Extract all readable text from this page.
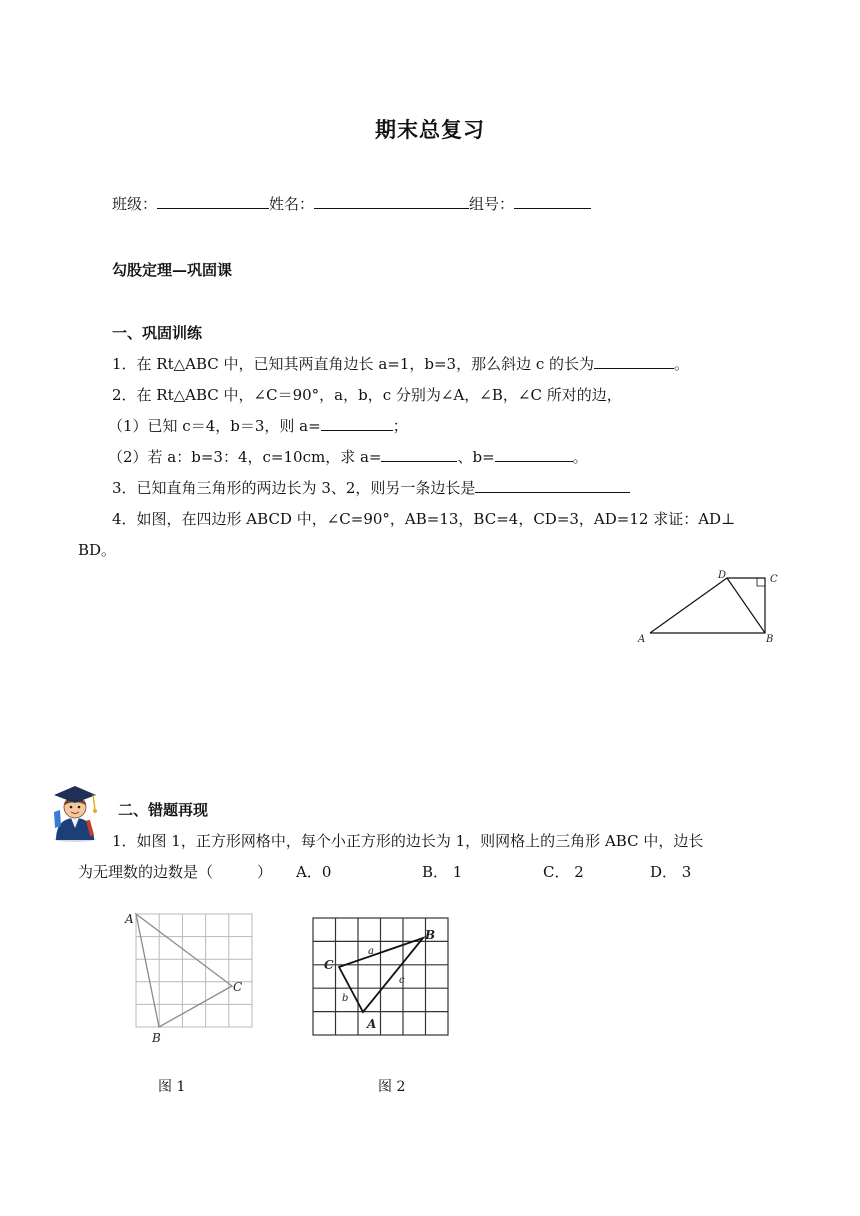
期末总复习
班级：	姓名：	组号：
勾股定理—巩固课
一、巩固训练
1．在 Rt△ABC 中，已知其两直角边长 a=1，b=3，那么斜边 c 的长为	。
2．在 Rt△ABC 中，∠C＝90°，a，b，c 分别为∠A，∠B，∠C 所对的边，
（1）已知 c＝4，b＝3，则 a=	；
（2）若 a：b=3：4，c=10cm，求 a=	、b=	。
3．已知直角三角形的两边长为 3、2，则另一条边长是
4．如图，在四边形 ABCD 中，∠C=90°，AB=13，BC=4，CD=3，AD=12 求证：AD⊥
BD。
A	B
C
D
二、错题再现
1．如图 1，正方形网格中，每个小正方形的边长为 1，则网格上的三角形 ABC 中，边长
为无理数的边数是（	） A．0	B． 1	C． 2	D． 3
A
C
B
C
B
A
a
b
c
图 1	图 2
